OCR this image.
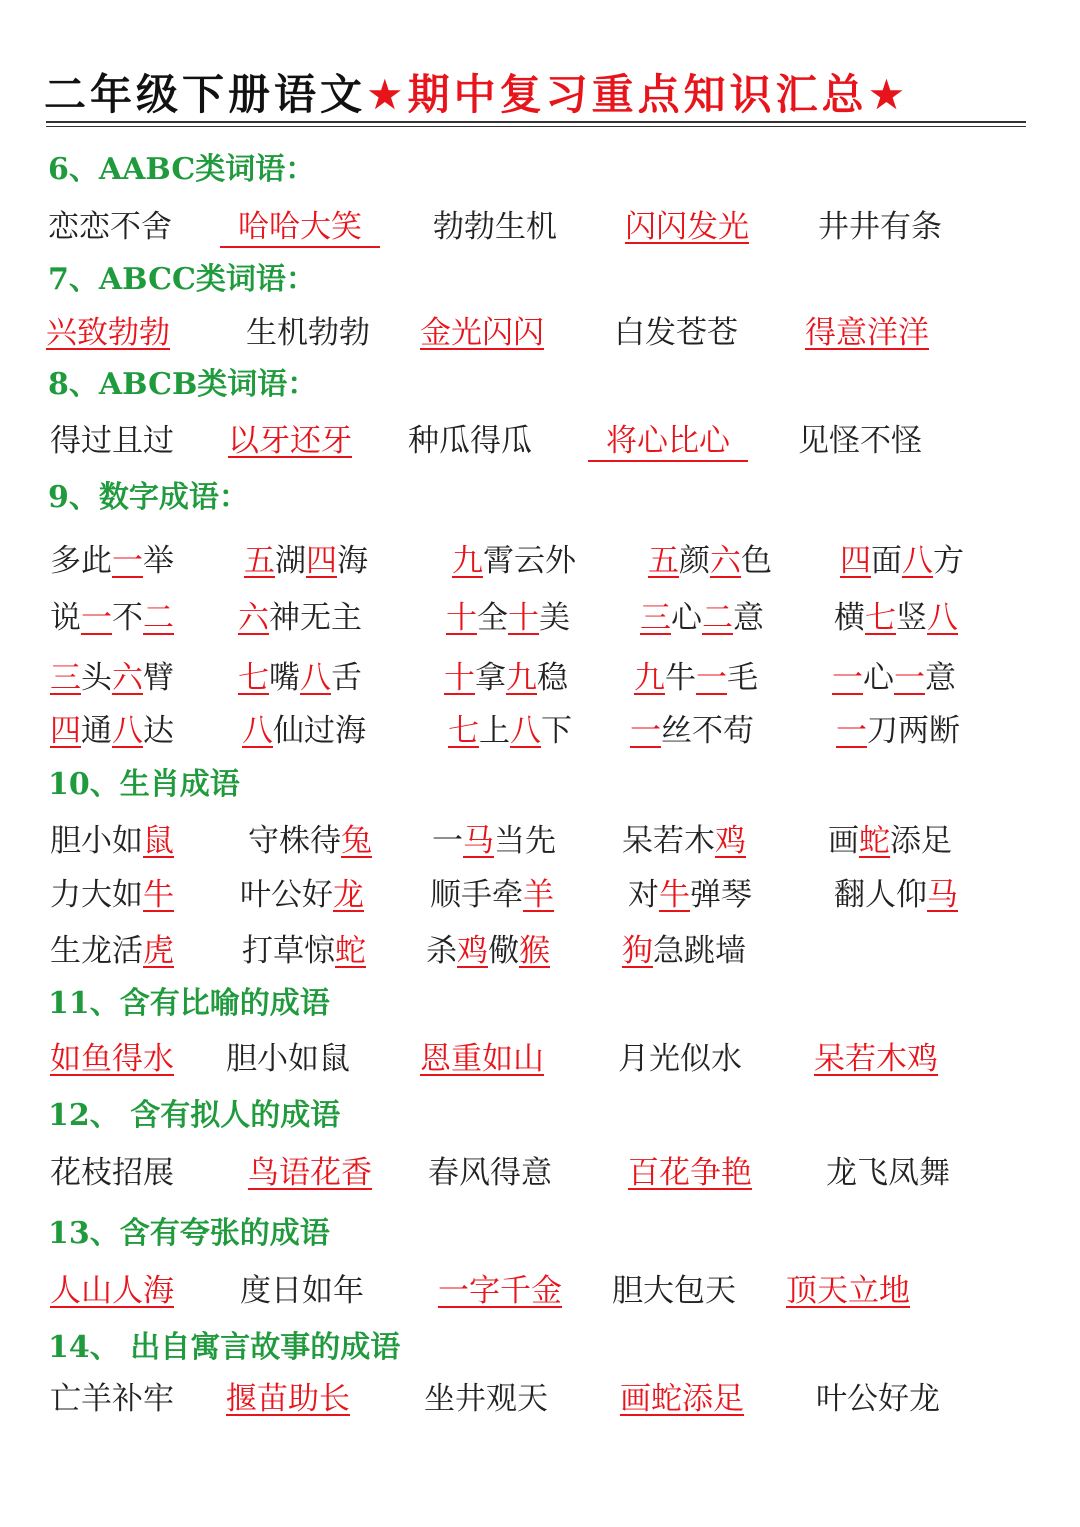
二年级下册语文★期中复习重点知识汇总★
6、AABC类词语：
恋恋不舍	哈哈大笑	勃勃生机 闪闪发光 井井有条
7、ABCC类词语：
兴致勃勃 生机勃勃 金光闪闪 白发苍苍 得意洋洋
8、ABCB类词语：
得过且过 以牙还牙 种瓜得瓜	将心比心	见怪不怪
9、数字成语：
多此一举 五湖四海	九霄云外 五颜六色 四面八方
说一不二 六神无主	十全十美 三心二意 横七竖八
三头六臂 七嘴八舌	十拿九稳 九牛一毛 一心一意
四通八达 八仙过海	七上八下 一丝不苟	一刀两断
10、生肖成语
胆小如鼠 守株待兔 一马当先 呆若木鸡	画蛇添足
力大如牛	叶公好龙 顺手牵羊 对牛弹琴	翻人仰马
生龙活虎 打草惊蛇 杀鸡儆猴 狗急跳墙
11、含有比喻的成语
如鱼得水 胆小如鼠 恩重如山 月光似水 呆若木鸡
12、 含有拟人的成语
花枝招展 鸟语花香 春风得意 百花争艳 龙飞凤舞
13、含有夸张的成语
人山人海 度日如年 一字千金 胆大包天 顶天立地
14、 出自寓言故事的成语
亡羊补牢 揠苗助长 坐井观天 画蛇添足 叶公好龙
